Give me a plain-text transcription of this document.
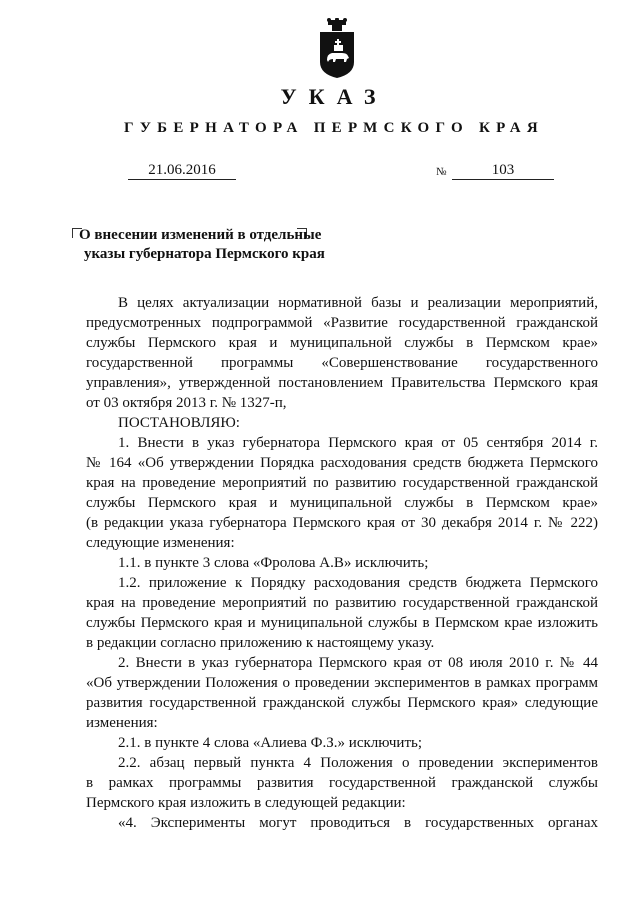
УКАЗ
ГУБЕРНАТОРА ПЕРМСКОГО КРАЯ
21.06.2016	№	103
О внесении изменений в отдельные
указы губернатора Пермского края
В целях актуализации нормативной базы и реализации мероприятий,
предусмотренных подпрограммой «Развитие государственной гражданской
службы Пермского края и муниципальной службы в Пермском крае»
государственной программы «Совершенствование государственного
управления», утвержденной постановлением Правительства Пермского края
от 03 октября 2013 г. № 1327-п,
ПОСТАНОВЛЯЮ:
1. Внести в указ губернатора Пермского края от 05 сентября 2014 г.
№ 164 «Об утверждении Порядка расходования средств бюджета Пермского
края на проведение мероприятий по развитию государственной гражданской
службы Пермского края и муниципальной службы в Пермском крае»
(в редакции указа губернатора Пермского края от 30 декабря 2014 г. № 222)
следующие изменения:
1.1. в пункте 3 слова «Фролова А.В» исключить;
1.2. приложение к Порядку расходования средств бюджета Пермского
края на проведение мероприятий по развитию государственной гражданской
службы Пермского края и муниципальной службы в Пермском крае изложить
в редакции согласно приложению к настоящему указу.
2. Внести в указ губернатора Пермского края от 08 июля 2010 г. № 44
«Об утверждении Положения о проведении экспериментов в рамках программ
развития государственной гражданской службы Пермского края» следующие
изменения:
2.1. в пункте 4 слова «Алиева Ф.З.» исключить;
2.2. абзац первый пункта 4 Положения о проведении экспериментов
в рамках программы развития государственной гражданской службы
Пермского края изложить в следующей редакции:
«4. Эксперименты могут проводиться в государственных органах
